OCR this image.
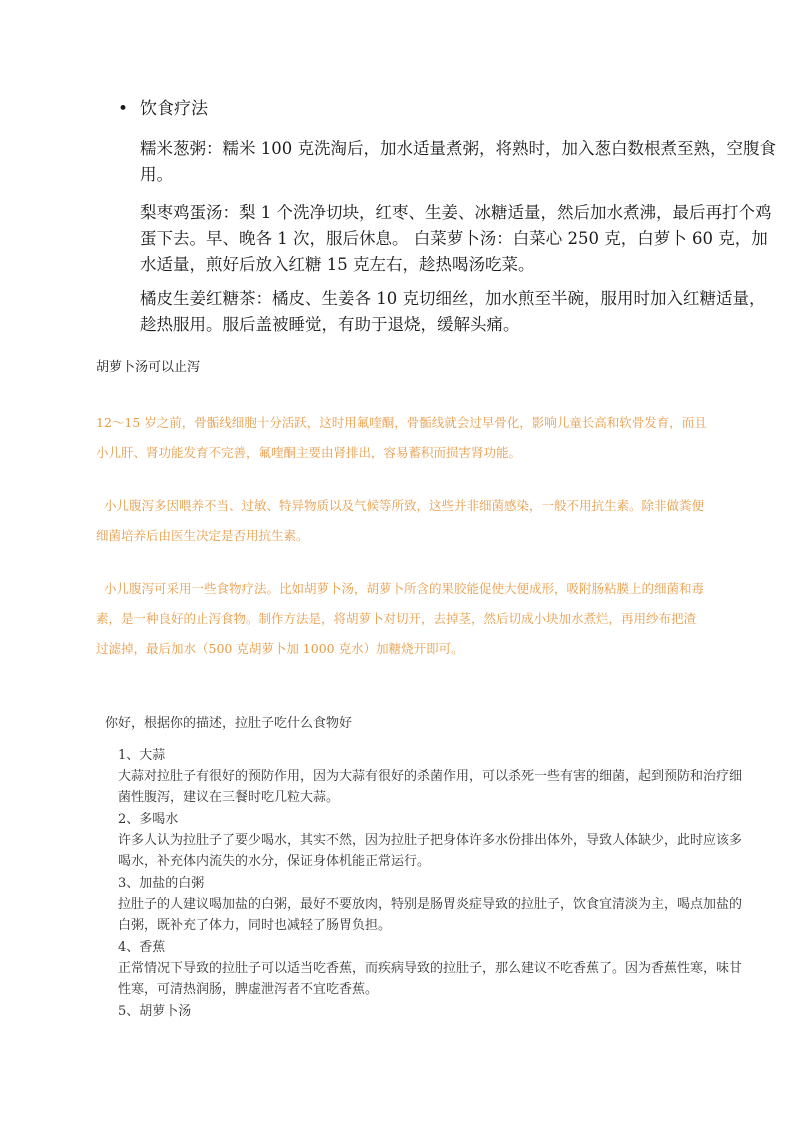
• 饮食疗法
糯米葱粥：糯米 100 克洗淘后，加水适量煮粥，将熟时，加入葱白数根煮至熟，空腹食用。
梨枣鸡蛋汤：梨 1 个洗净切块，红枣、生姜、冰糖适量，然后加水煮沸，最后再打个鸡蛋下去。早、晚各 1 次，服后休息。 白菜萝卜汤：白菜心 250 克，白萝卜 60 克，加水适量，煎好后放入红糖 15 克左右，趁热喝汤吃菜。
橘皮生姜红糖茶：橘皮、生姜各 10 克切细丝，加水煎至半碗，服用时加入红糖适量，趁热服用。服后盖被睡觉，有助于退烧，缓解头痛。
胡萝卜汤可以止泻
12～15 岁之前，骨骺线细胞十分活跃，这时用氟喹酮，骨骺线就会过早骨化，影响儿童长高和软骨发育，而且小儿肝、肾功能发育不完善，氟喹酮主要由肾排出，容易蓄积而损害肾功能。
小儿腹泻多因喂养不当、过敏、特异物质以及气候等所致，这些并非细菌感染，一般不用抗生素。除非做粪便细菌培养后由医生决定是否用抗生素。
小儿腹泻可采用一些食物疗法。比如胡萝卜汤，胡萝卜所含的果胶能促使大便成形，吸附肠粘膜上的细菌和毒素，是一种良好的止泻食物。制作方法是，将胡萝卜对切开，去掉茎，然后切成小块加水煮烂，再用纱布把渣过滤掉，最后加水（500 克胡萝卜加 1000 克水）加糖烧开即可。
你好，根据你的描述，拉肚子吃什么食物好
1、大蒜
大蒜对拉肚子有很好的预防作用，因为大蒜有很好的杀菌作用，可以杀死一些有害的细菌，起到预防和治疗细菌性腹泻，建议在三餐时吃几粒大蒜。
2、多喝水
许多人认为拉肚子了要少喝水，其实不然，因为拉肚子把身体许多水份排出体外，导致人体缺少，此时应该多喝水，补充体内流失的水分，保证身体机能正常运行。
3、加盐的白粥
拉肚子的人建议喝加盐的白粥，最好不要放肉，特别是肠胃炎症导致的拉肚子，饮食宜清淡为主，喝点加盐的白粥，既补充了体力，同时也减轻了肠胃负担。
4、香蕉
正常情况下导致的拉肚子可以适当吃香蕉，而疾病导致的拉肚子，那么建议不吃香蕉了。因为香蕉性寒，味甘性寒，可清热润肠，脾虚泄泻者不宜吃香蕉。
5、胡萝卜汤
